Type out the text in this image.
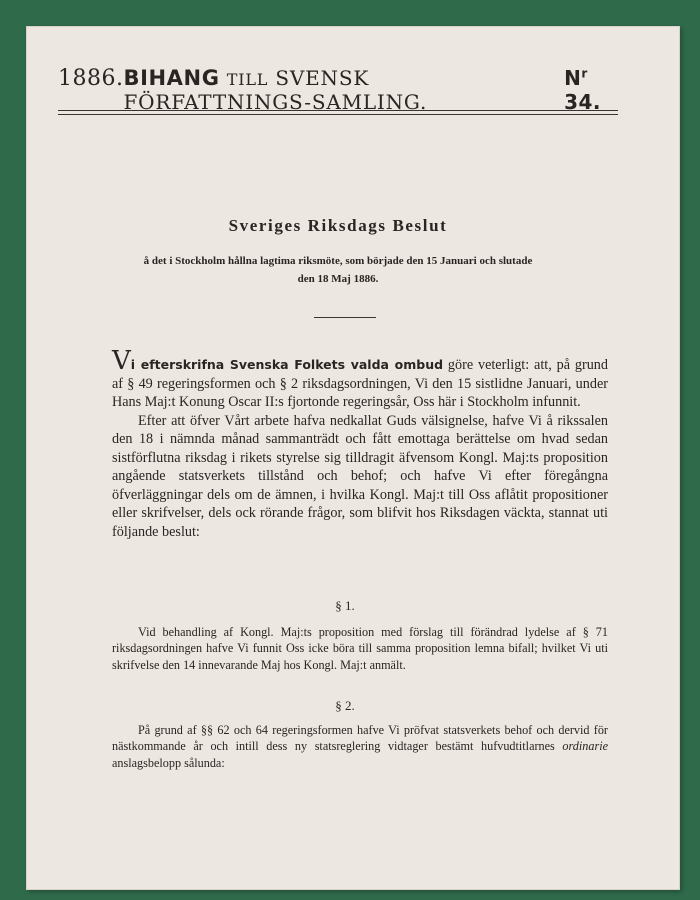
1886. BIHANG TILL SVENSK FÖRFATTNINGS-SAMLING.
$N^r$ 34.
Sveriges Riksdags Beslut
å det i Stockholm hållna lagtima riksmöte, som började den 15 Januari och slutade
den 18 Maj 1886.

Vi efterskrifna Svenska Folkets valda ombud göre veterligt: att, på grund af § 49 regeringsformen och § 2 riksdagsordningen, Vi den 15 sistlidne Januari, under Hans Maj:t Konung Oscar II:s fjortonde regeringsår, Oss här i Stockholm infunnit.

Efter att öfver Vårt arbete hafva nedkallat Guds välsignelse, hafve Vi å rikssalen den 18 i nämnda månad sammanträdt och fått emottaga berättelse om hvad sedan sistförflutna riksdag i rikets styrelse sig tilldragit äfvensom Kongl. Maj:ts proposition angående statsverkets tillstånd och behof; och hafve Vi efter föregångna öfverläggningar dels om de ämnen, i hvilka Kongl. Maj:t till Oss aflåtit propositioner eller skrifvelser, dels ock rörande frågor, som blifvit hos Riksdagen väckta, stannat uti följande beslut:

§ 1.

Vid behandling af Kongl. Maj:ts proposition med förslag till förändrad lydelse af § 71 riksdagsordningen hafve Vi funnit Oss icke böra till samma proposition lemna bifall; hvilket Vi uti skrifvelse den 14 innevarande Maj hos Kongl. Maj:t anmält.

§ 2.

På grund af §§ 62 och 64 regeringsformen hafve Vi pröfvat statsverkets behof och dervid för nästkommande år och intill dess ny statsreglering vidtager bestämt hufvudtitlarnes ordinarie anslagsbelopp sålunda:
